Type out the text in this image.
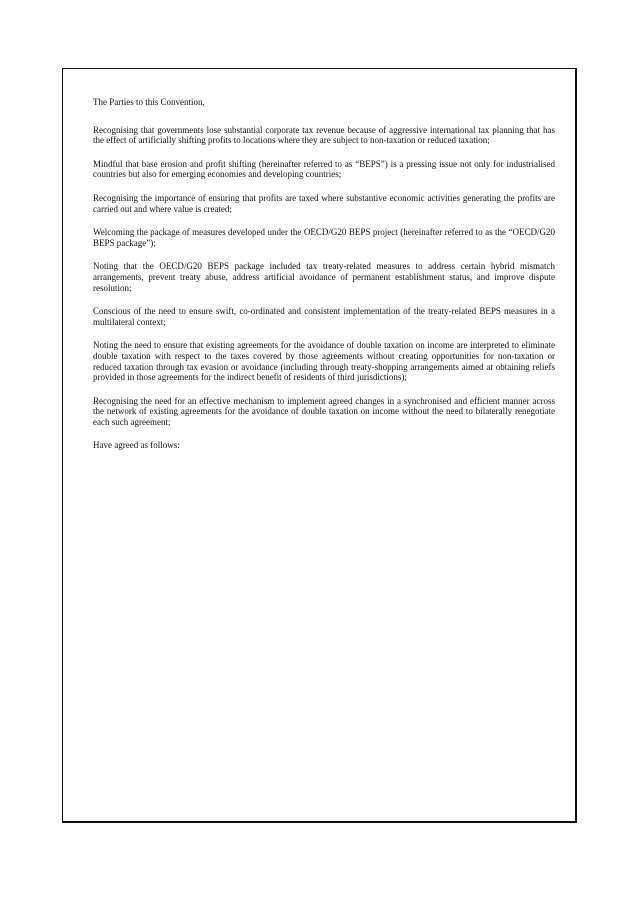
The Parties to this Convention,

Recognising that governments lose substantial corporate tax revenue because of aggressive international tax planning that has the effect of artificially shifting profits to locations where they are subject to non-taxation or reduced taxation;

Mindful that base erosion and profit shifting (hereinafter referred to as “BEPS”) is a pressing issue not only for industrialised countries but also for emerging economies and developing countries;

Recognising the importance of ensuring that profits are taxed where substantive economic activities generating the profits are carried out and where value is created;

Welcoming the package of measures developed under the OECD/G20 BEPS project (hereinafter referred to as the “OECD/G20 BEPS package”);

Noting that the OECD/G20 BEPS package included tax treaty-related measures to address certain hybrid mismatch arrangements, prevent treaty abuse, address artificial avoidance of permanent establishment status, and improve dispute resolution;

Conscious of the need to ensure swift, co-ordinated and consistent implementation of the treaty-related BEPS measures in a multilateral context;

Noting the need to ensure that existing agreements for the avoidance of double taxation on income are interpreted to eliminate double taxation with respect to the taxes covered by those agreements without creating opportunities for non-taxation or reduced taxation through tax evasion or avoidance (including through treaty-shopping arrangements aimed at obtaining reliefs provided in those agreements for the indirect benefit of residents of third jurisdictions);

Recognising the need for an effective mechanism to implement agreed changes in a synchronised and efficient manner across the network of existing agreements for the avoidance of double taxation on income without the need to bilaterally renegotiate each such agreement;

Have agreed as follows:
